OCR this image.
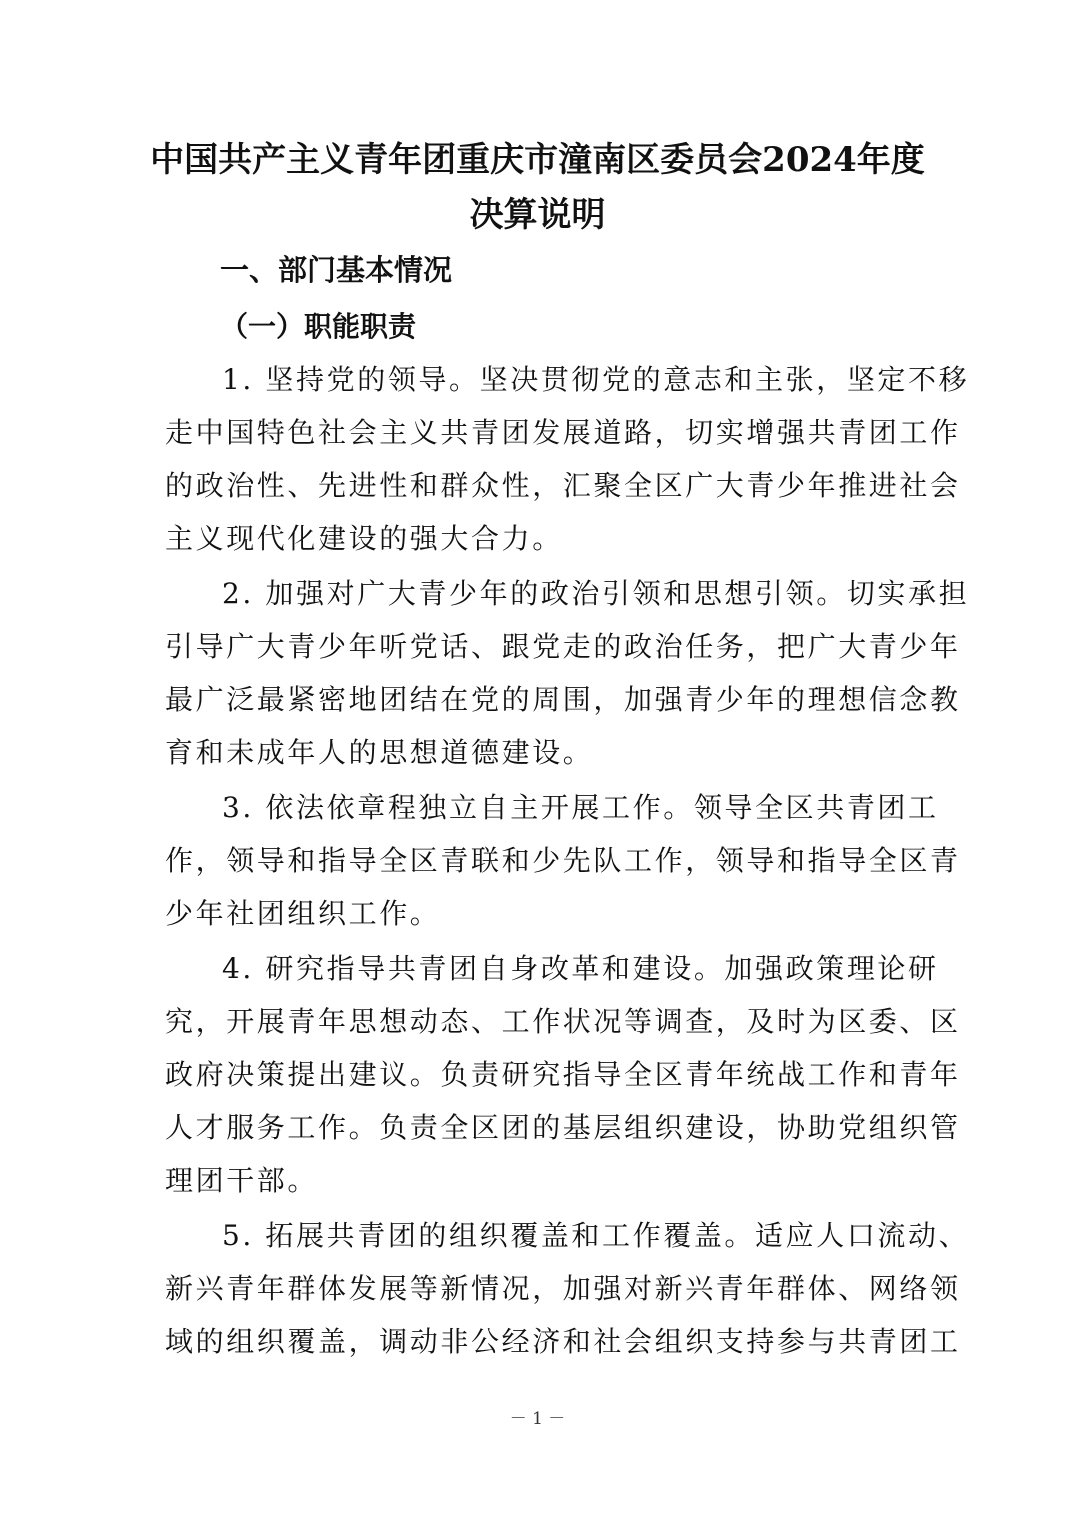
中国共产主义青年团重庆市潼南区委员会2024年度
决算说明
一、部门基本情况
（一）职能职责

1. 坚持党的领导。坚决贯彻党的意志和主张，坚定不移

走中国特色社会主义共青团发展道路，切实增强共青团工作

的政治性、先进性和群众性，汇聚全区广大青少年推进社会

主义现代化建设的强大合力。

2. 加强对广大青少年的政治引领和思想引领。切实承担

引导广大青少年听党话、跟党走的政治任务，把广大青少年

最广泛最紧密地团结在党的周围，加强青少年的理想信念教

育和未成年人的思想道德建设。

3. 依法依章程独立自主开展工作。领导全区共青团工

作，领导和指导全区青联和少先队工作，领导和指导全区青

少年社团组织工作。

4. 研究指导共青团自身改革和建设。加强政策理论研

究，开展青年思想动态、工作状况等调查，及时为区委、区

政府决策提出建议。负责研究指导全区青年统战工作和青年

人才服务工作。负责全区团的基层组织建设，协助党组织管

理团干部。

5. 拓展共青团的组织覆盖和工作覆盖。适应人口流动、

新兴青年群体发展等新情况，加强对新兴青年群体、网络领

域的组织覆盖，调动非公经济和社会组织支持参与共青团工

－ 1 －
